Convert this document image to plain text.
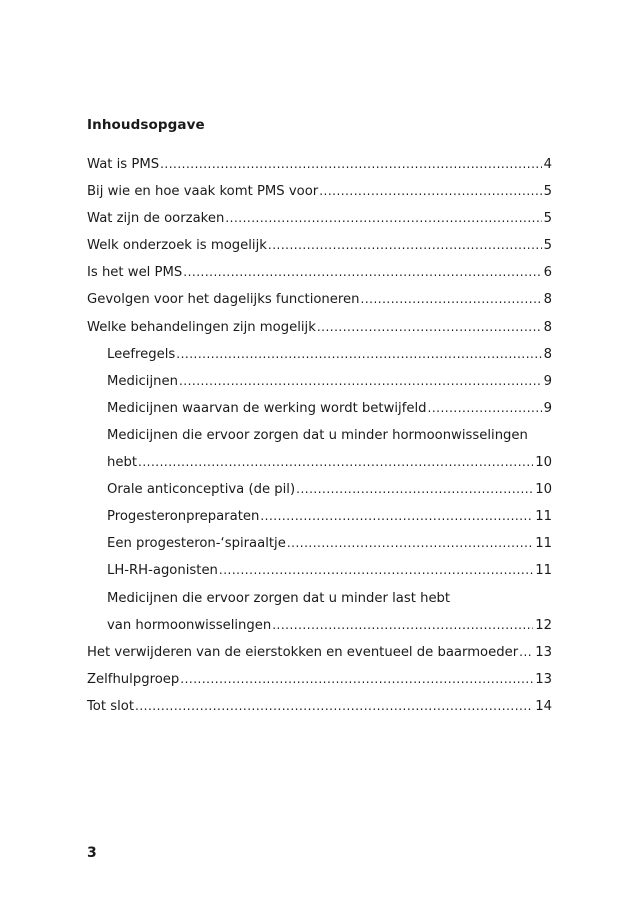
Inhoudsopgave
Wat is PMS .....	4
Bij wie en hoe vaak komt PMS voor .....	5
Wat zijn de oorzaken .....	5
Welk onderzoek is mogelijk .....	5
Is het wel PMS .....	6
Gevolgen voor het dagelijks functioneren .....	8
Welke behandelingen zijn mogelijk .....	8
Leefregels .....	8
Medicijnen .....	9
Medicijnen waarvan de werking wordt betwijfeld .....	9
Medicijnen die ervoor zorgen dat u minder hormoonwisselingen
hebt .....	10
Orale anticonceptiva (de pil) .....	10
Progesteronpreparaten .....	11
Een progesteron-‘spiraaltje .....	11
LH-RH-agonisten .....	11
Medicijnen die ervoor zorgen dat u minder last hebt
van hormoonwisselingen .....	12
Het verwijderen van de eierstokken en eventueel de baarmoeder ..... 13
Zelfhulpgroep .....	13
Tot slot .....	14
3
